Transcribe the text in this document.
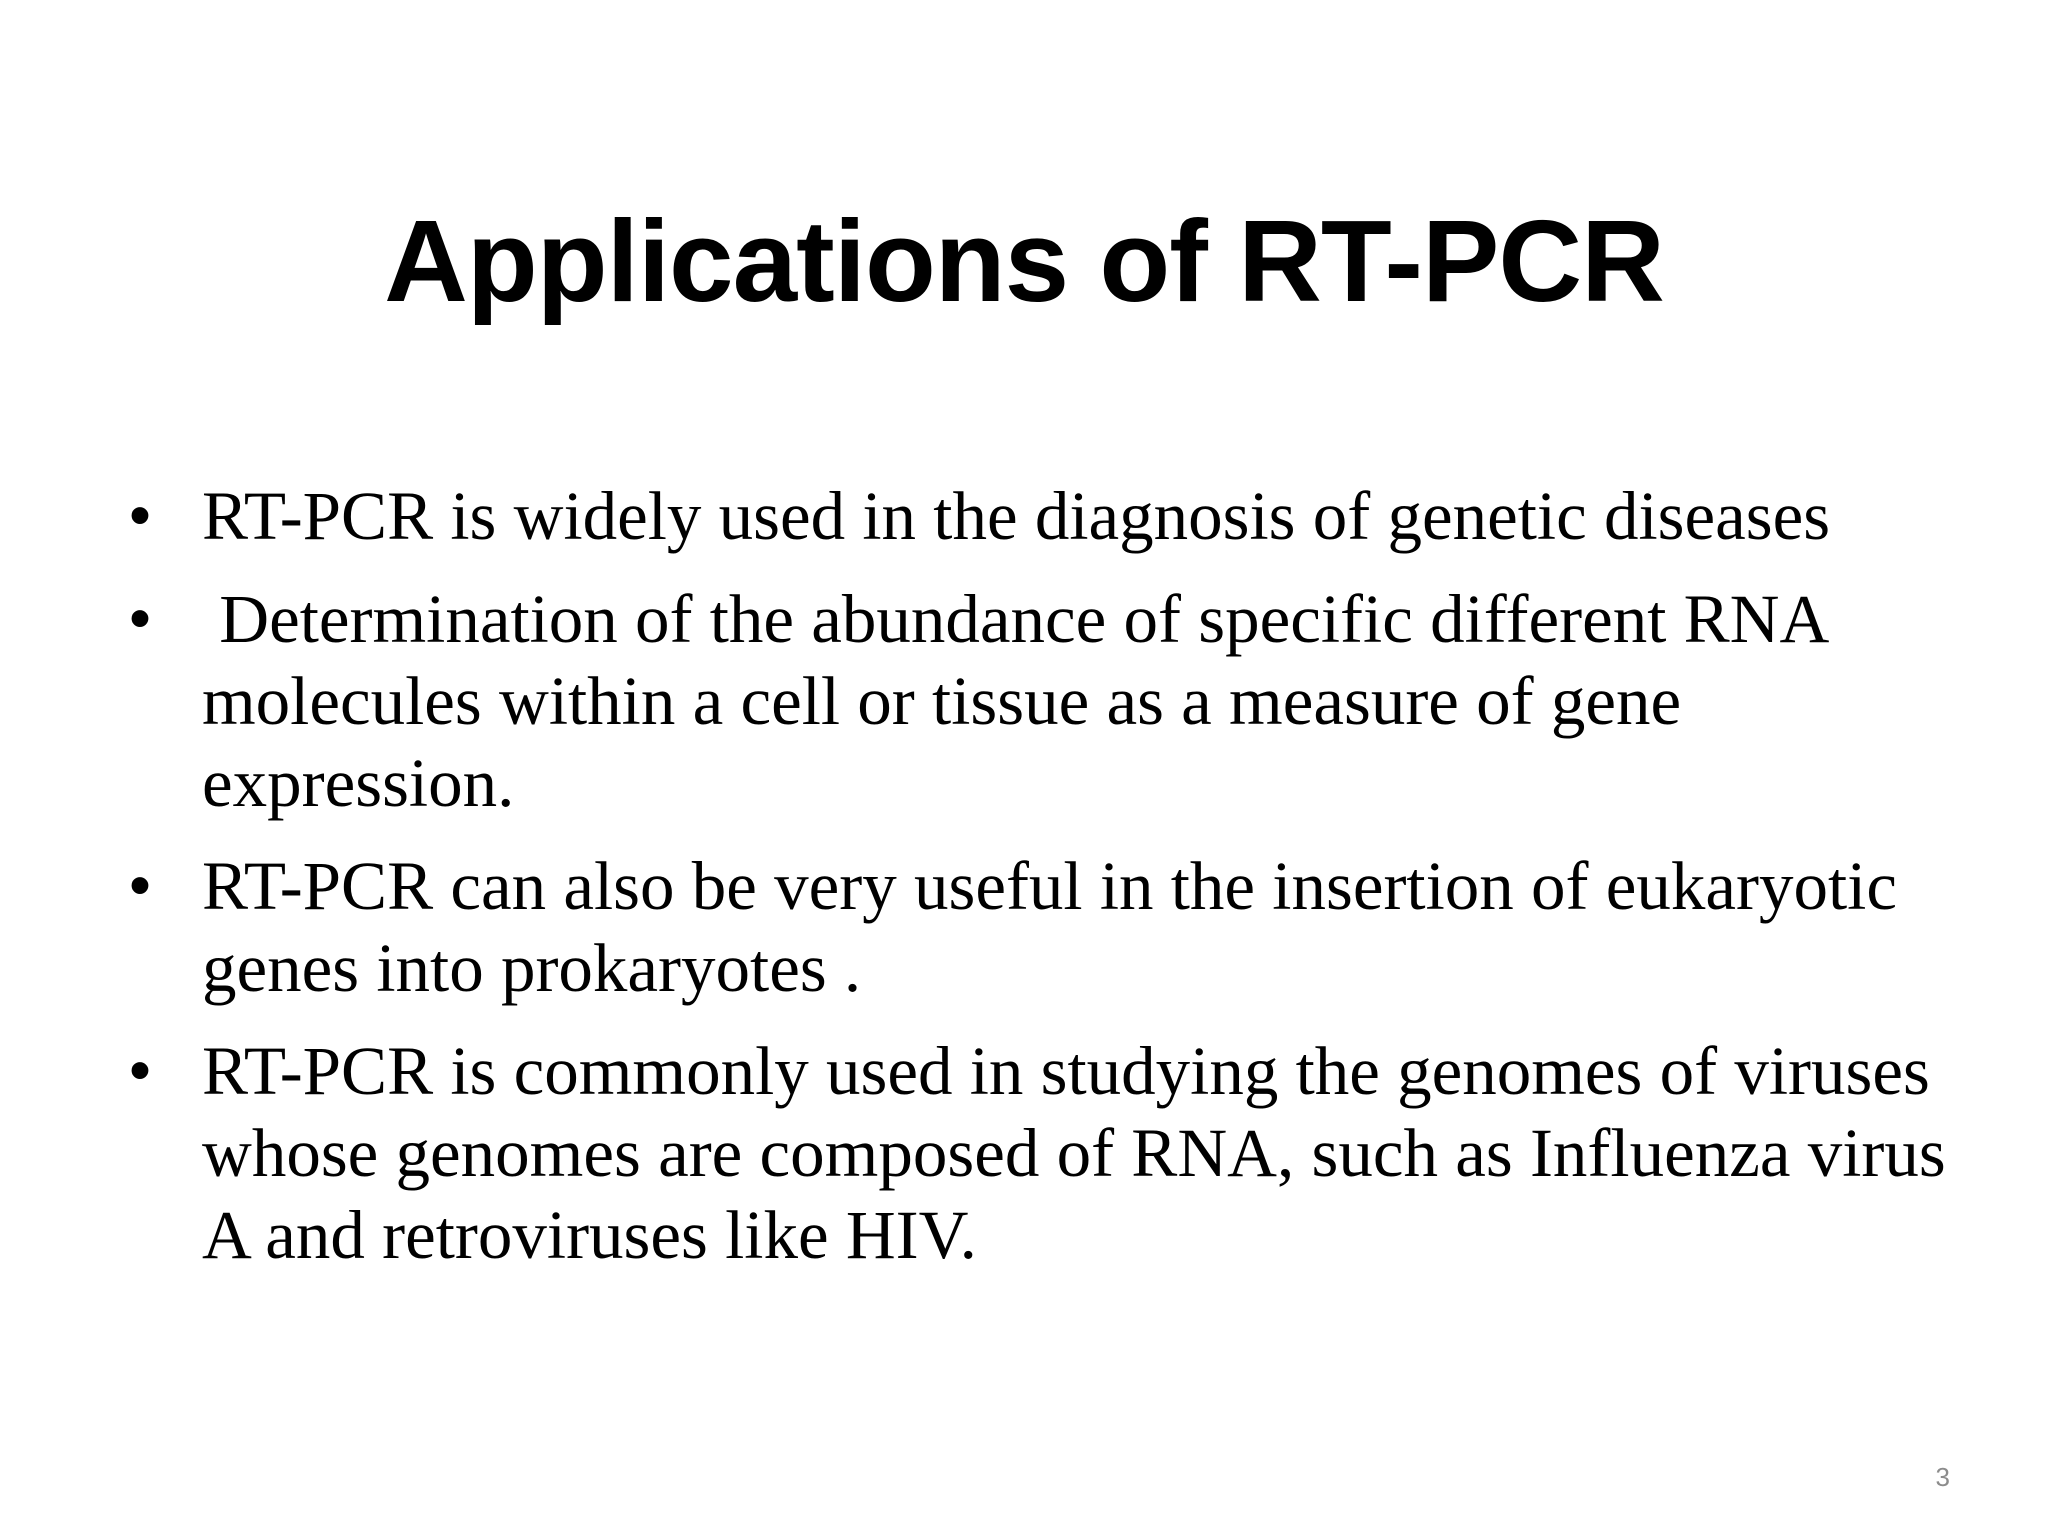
Applications of RT-PCR
• RT-PCR is widely used in the diagnosis of genetic diseases
• Determination of the abundance of specific different RNA molecules within a cell or tissue as a measure of gene expression.
• RT-PCR can also be very useful in the insertion of eukaryotic genes into prokaryotes .
• RT-PCR is commonly used in studying the genomes of viruses whose genomes are composed of RNA, such as Influenza virus A and retroviruses like HIV.
3
